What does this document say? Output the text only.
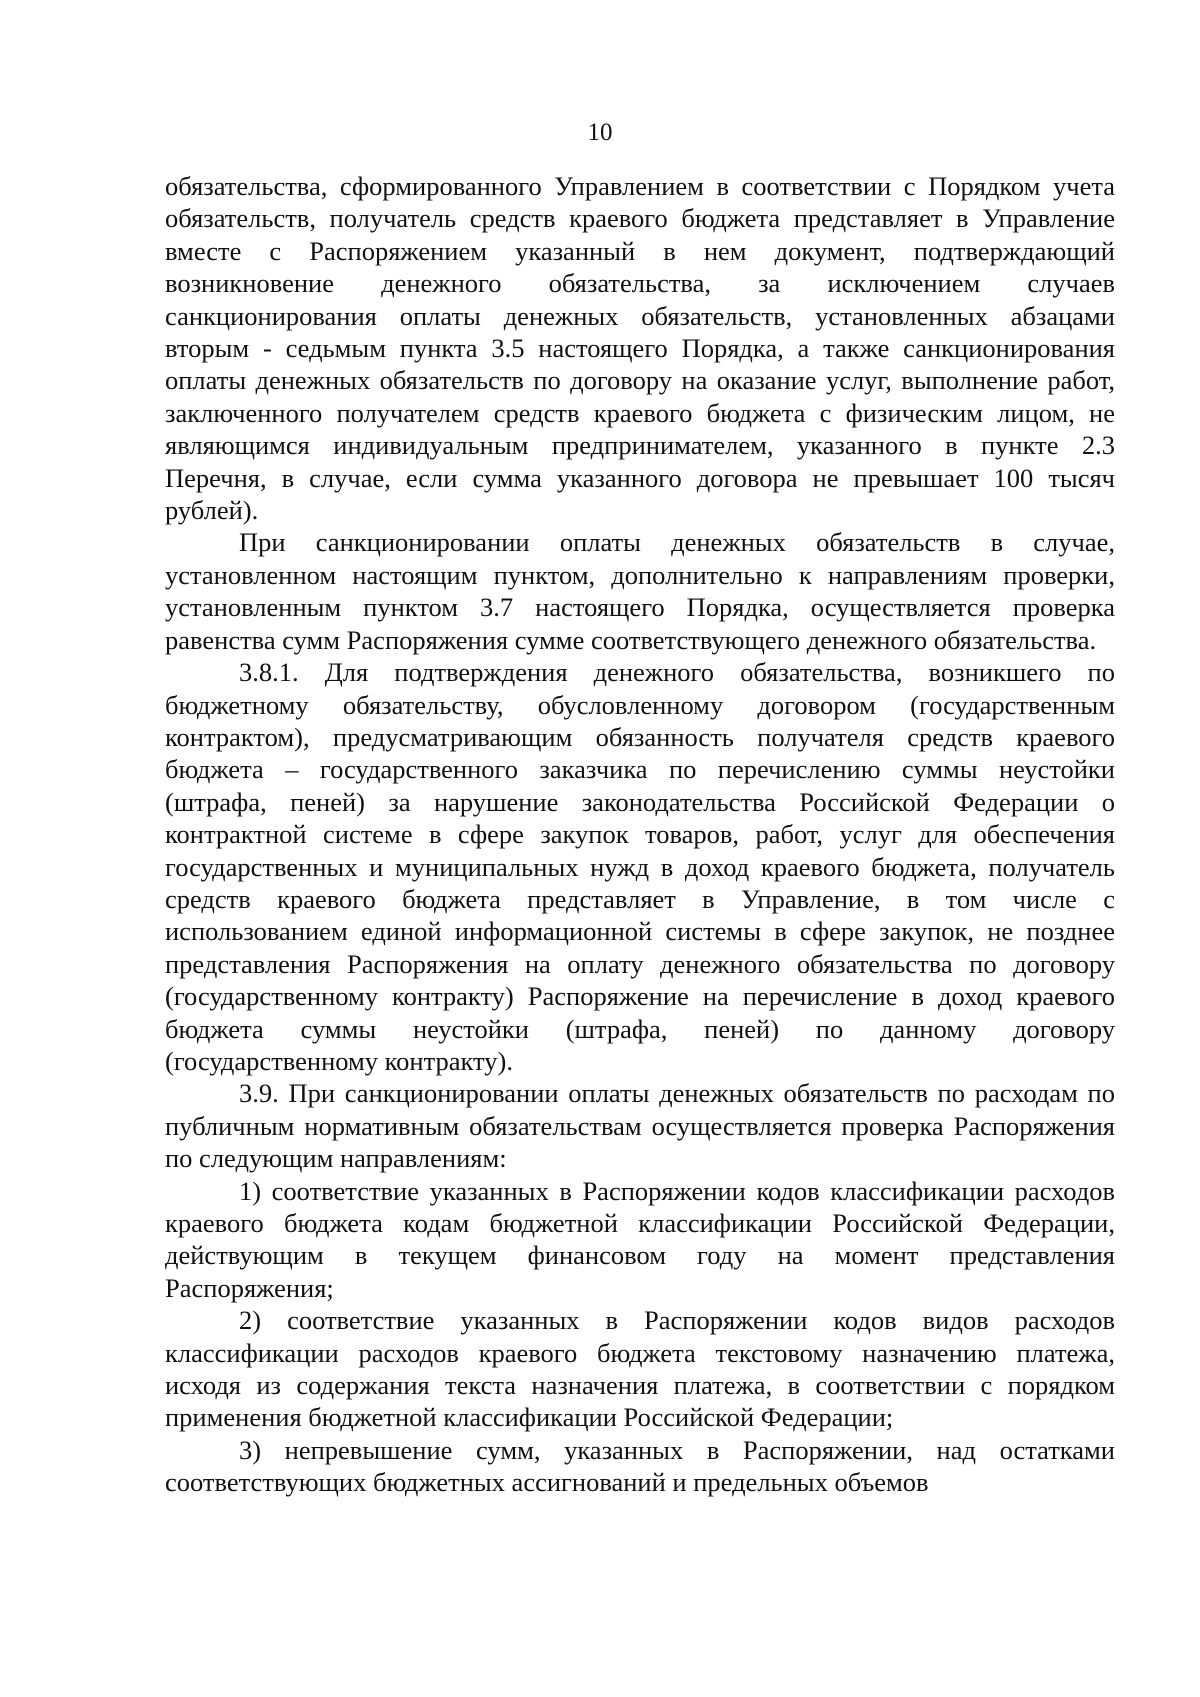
10

обязательства, сформированного Управлением в соответствии с Порядком учета обязательств, получатель средств краевого бюджета представляет в Управление вместе с Распоряжением указанный в нем документ, подтверждающий возникновение денежного обязательства, за исключением случаев санкционирования оплаты денежных обязательств, установленных абзацами вторым - седьмым пункта 3.5 настоящего Порядка, а также санкционирования оплаты денежных обязательств по договору на оказание услуг, выполнение работ, заключенного получателем средств краевого бюджета с физическим лицом, не являющимся индивидуальным предпринимателем, указанного в пункте 2.3 Перечня, в случае, если сумма указанного договора не превышает 100 тысяч рублей).

При санкционировании оплаты денежных обязательств в случае, установленном настоящим пунктом, дополнительно к направлениям проверки, установленным пунктом 3.7 настоящего Порядка, осуществляется проверка равенства сумм Распоряжения сумме соответствующего денежного обязательства.

3.8.1. Для подтверждения денежного обязательства, возникшего по бюджетному обязательству, обусловленному договором (государственным контрактом), предусматривающим обязанность получателя средств краевого бюджета – государственного заказчика по перечислению суммы неустойки (штрафа, пеней) за нарушение законодательства Российской Федерации о контрактной системе в сфере закупок товаров, работ, услуг для обеспечения государственных и муниципальных нужд в доход краевого бюджета, получатель средств краевого бюджета представляет в Управление, в том числе с использованием единой информационной системы в сфере закупок, не позднее представления Распоряжения на оплату денежного обязательства по договору (государственному контракту) Распоряжение на перечисление в доход краевого бюджета суммы неустойки (штрафа, пеней) по данному договору (государственному контракту).

3.9. При санкционировании оплаты денежных обязательств по расходам по публичным нормативным обязательствам осуществляется проверка Распоряжения по следующим направлениям:

1) соответствие указанных в Распоряжении кодов классификации расходов краевого бюджета кодам бюджетной классификации Российской Федерации, действующим в текущем финансовом году на момент представления Распоряжения;

2) соответствие указанных в Распоряжении кодов видов расходов классификации расходов краевого бюджета текстовому назначению платежа, исходя из содержания текста назначения платежа, в соответствии с порядком применения бюджетной классификации Российской Федерации;

3) непревышение сумм, указанных в Распоряжении, над остатками соответствующих бюджетных ассигнований и предельных объемов
